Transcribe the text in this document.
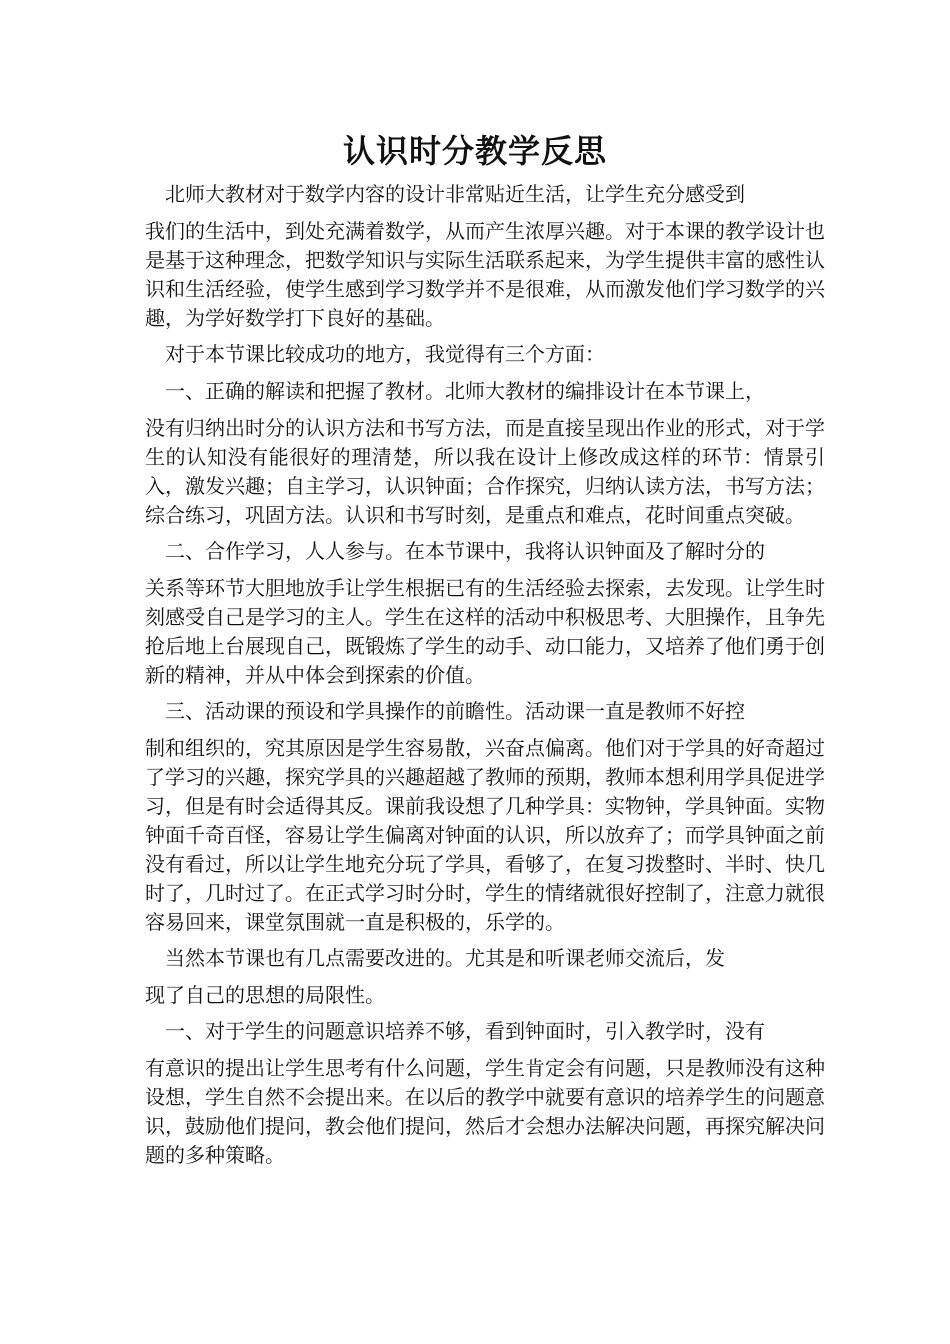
认识时分教学反思

北师大教材对于数学内容的设计非常贴近生活，让学生充分感受到
我们的生活中，到处充满着数学，从而产生浓厚兴趣。对于本课的教学设计也是基于这种理念，把数学知识与实际生活联系起来，为学生提供丰富的感性认识和生活经验，使学生感到学习数学并不是很难，从而激发他们学习数学的兴趣，为学好数学打下良好的基础。

对于本节课比较成功的地方，我觉得有三个方面：

一、正确的解读和把握了教材。北师大教材的编排设计在本节课上，
没有归纳出时分的认识方法和书写方法，而是直接呈现出作业的形式，对于学生的认知没有能很好的理清楚，所以我在设计上修改成这样的环节：情景引入，激发兴趣；自主学习，认识钟面；合作探究，归纳认读方法，书写方法；综合练习，巩固方法。认识和书写时刻，是重点和难点，花时间重点突破。

二、合作学习，人人参与。在本节课中，我将认识钟面及了解时分的
关系等环节大胆地放手让学生根据已有的生活经验去探索，去发现。让学生时刻感受自己是学习的主人。学生在这样的活动中积极思考、大胆操作，且争先抢后地上台展现自己，既锻炼了学生的动手、动口能力，又培养了他们勇于创新的精神，并从中体会到探索的价值。

三、活动课的预设和学具操作的前瞻性。活动课一直是教师不好控
制和组织的，究其原因是学生容易散，兴奋点偏离。他们对于学具的好奇超过了学习的兴趣，探究学具的兴趣超越了教师的预期，教师本想利用学具促进学习，但是有时会适得其反。课前我设想了几种学具：实物钟，学具钟面。实物钟面千奇百怪，容易让学生偏离对钟面的认识，所以放弃了；而学具钟面之前没有看过，所以让学生地充分玩了学具，看够了，在复习拨整时、半时、快几时了，几时过了。在正式学习时分时，学生的情绪就很好控制了，注意力就很容易回来，课堂氛围就一直是积极的，乐学的。

当然本节课也有几点需要改进的。尤其是和听课老师交流后，发
现了自己的思想的局限性。

一、对于学生的问题意识培养不够，看到钟面时，引入教学时，没有
有意识的提出让学生思考有什么问题，学生肯定会有问题，只是教师没有这种设想，学生自然不会提出来。在以后的教学中就要有意识的培养学生的问题意识，鼓励他们提问，教会他们提问，然后才会想办法解决问题，再探究解决问题的多种策略。
